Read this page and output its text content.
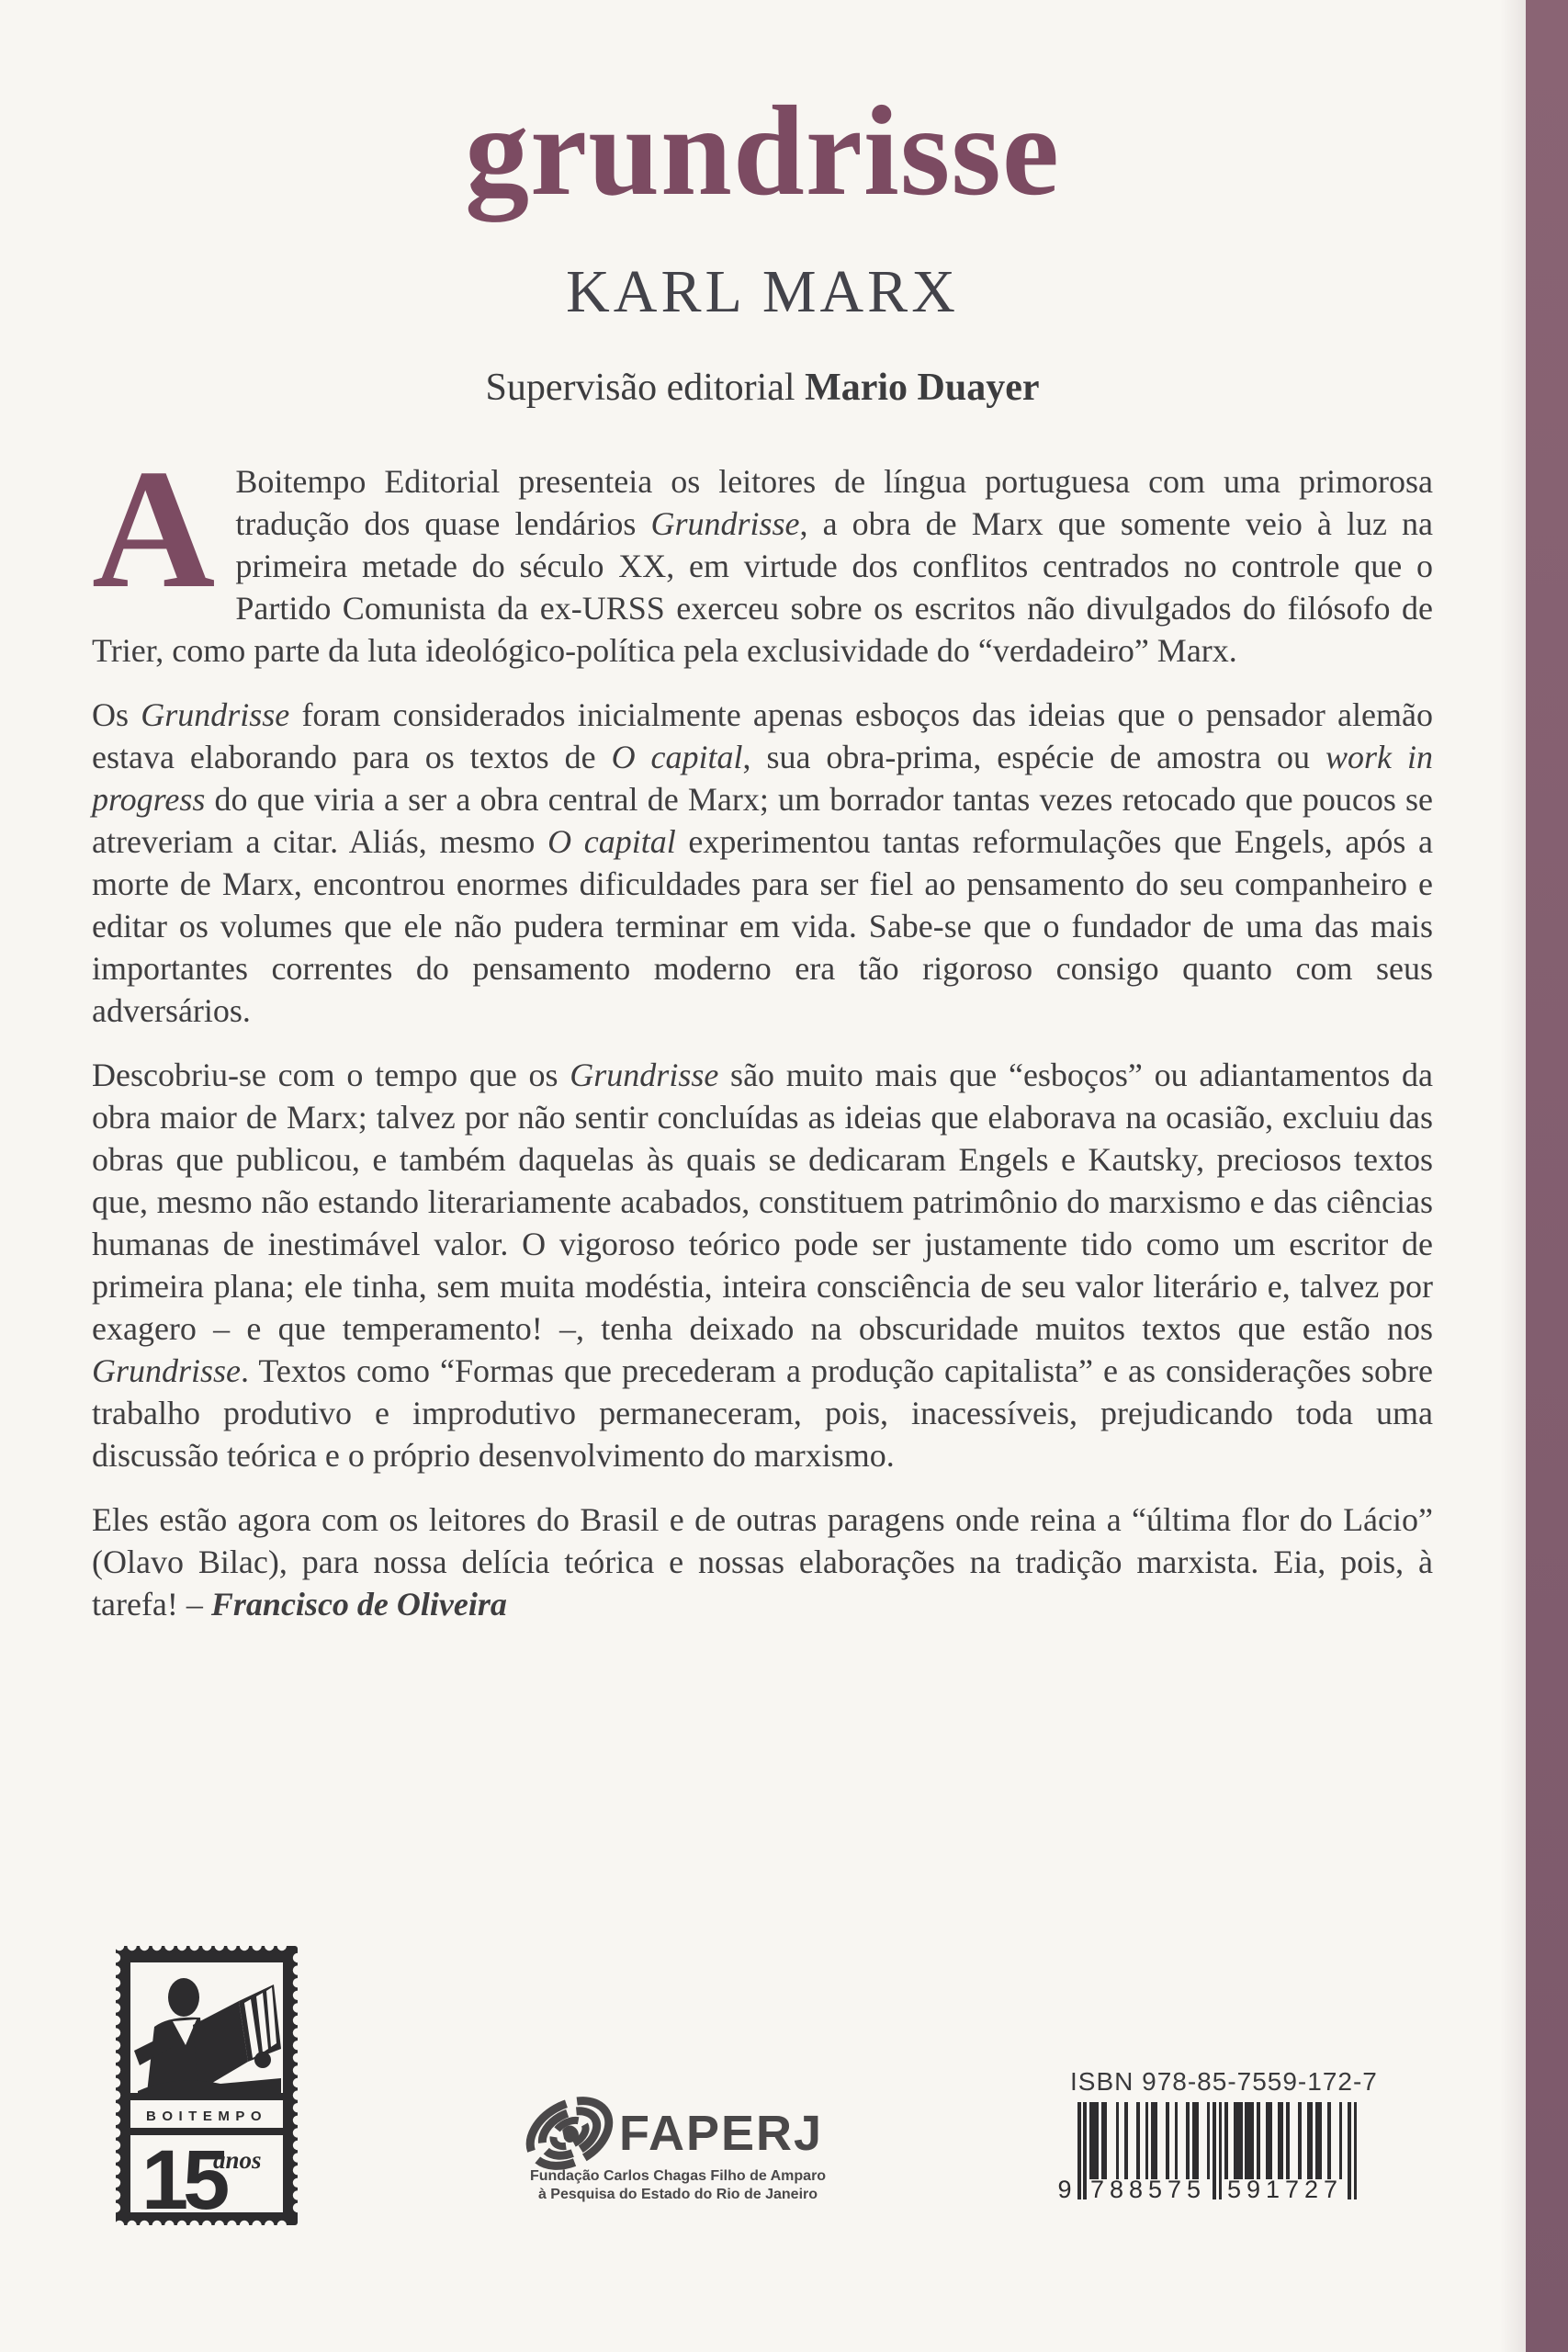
grundrisse
KARL MARX
Supervisão editorial Mario Duayer

A Boitempo Editorial presenteia os leitores de língua portuguesa com uma primorosa tradução dos quase lendários Grundrisse, a obra de Marx que somente veio à luz na primeira metade do século XX, em virtude dos conflitos centrados no controle que o Partido Comunista da ex-URSS exerceu sobre os escritos não divulgados do filósofo de Trier, como parte da luta ideológico-política pela exclusividade do “verdadeiro” Marx.

Os Grundrisse foram considerados inicialmente apenas esboços das ideias que o pensador alemão estava elaborando para os textos de O capital, sua obra-prima, espécie de amostra ou work in progress do que viria a ser a obra central de Marx; um borrador tantas vezes retocado que poucos se atreveriam a citar. Aliás, mesmo O capital experimentou tantas reformulações que Engels, após a morte de Marx, encontrou enormes dificuldades para ser fiel ao pensamento do seu companheiro e editar os volumes que ele não pudera terminar em vida. Sabe-se que o fundador de uma das mais importantes correntes do pensamento moderno era tão rigoroso consigo quanto com seus adversários.

Descobriu-se com o tempo que os Grundrisse são muito mais que “esboços” ou adiantamentos da obra maior de Marx; talvez por não sentir concluídas as ideias que elaborava na ocasião, excluiu das obras que publicou, e também daquelas às quais se dedicaram Engels e Kautsky, preciosos textos que, mesmo não estando literariamente acabados, constituem patrimônio do marxismo e das ciências humanas de inestimável valor. O vigoroso teórico pode ser justamente tido como um escritor de primeira plana; ele tinha, sem muita modéstia, inteira consciência de seu valor literário e, talvez por exagero – e que temperamento! –, tenha deixado na obscuridade muitos textos que estão nos Grundrisse. Textos como “Formas que precederam a produção capitalista” e as considerações sobre trabalho produtivo e improdutivo permaneceram, pois, inacessíveis, prejudicando toda uma discussão teórica e o próprio desenvolvimento do marxismo.

Eles estão agora com os leitores do Brasil e de outras paragens onde reina a “última flor do Lácio” (Olavo Bilac), para nossa delícia teórica e nossas elaborações na tradição marxista. Eia, pois, à tarefa! – Francisco de Oliveira

BOITEMPO
15
anos	FAPERJ
Fundação Carlos Chagas Filho de Amparo
à Pesquisa do Estado do Rio de Janeiro
ISBN 978-85-7559-172-7
9 788575 591727
